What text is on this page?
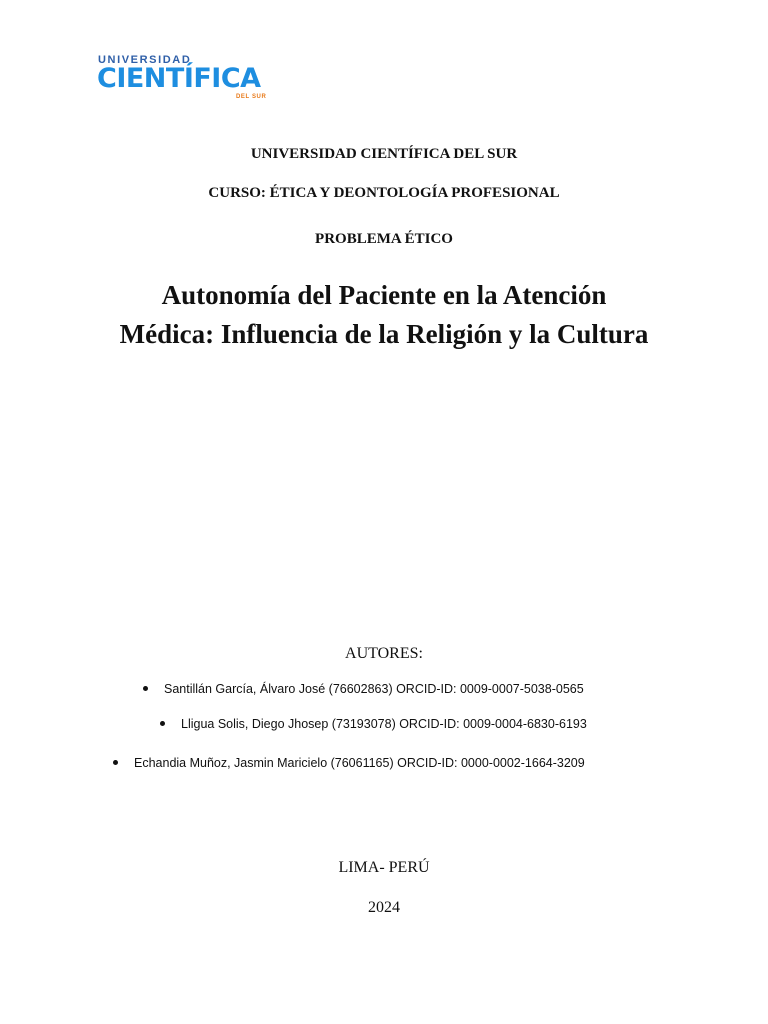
UNIVERSIDAD
CIENTÍFICA
DEL SUR

UNIVERSIDAD CIENTÍFICA DEL SUR

CURSO: ÉTICA Y DEONTOLOGÍA PROFESIONAL

PROBLEMA ÉTICO

Autonomía del Paciente en la Atención
Médica: Influencia de la Religión y la Cultura
AUTORES:
Santillán García, Álvaro José (76602863) ORCID-ID: 0009-0007-5038-0565
Lligua Solis, Diego Jhosep (73193078) ORCID-ID: 0009-0004-6830-6193
Echandia Muñoz, Jasmin Maricielo (76061165) ORCID-ID: 0000-0002-1664-3209
LIMA- PERÚ
2024
